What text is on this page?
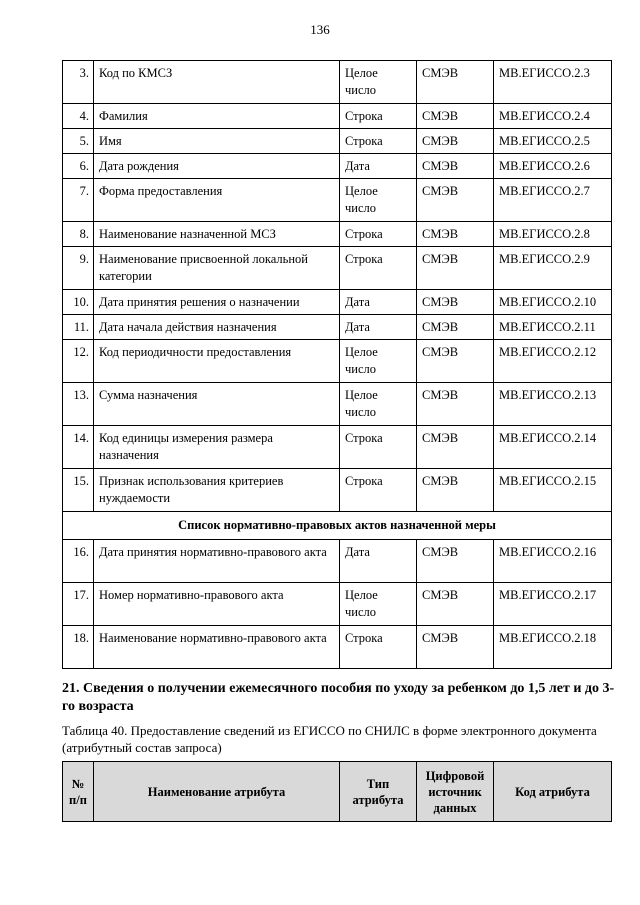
136
3.	Код по КМСЗ	Целое число	СМЭВ	МВ.ЕГИССО.2.3
4.	Фамилия	Строка	СМЭВ	МВ.ЕГИССО.2.4
5.	Имя	Строка	СМЭВ	МВ.ЕГИССО.2.5
6.	Дата рождения	Дата	СМЭВ	МВ.ЕГИССО.2.6
7.	Форма предоставления	Целое число	СМЭВ	МВ.ЕГИССО.2.7
8.	Наименование назначенной МСЗ	Строка	СМЭВ	МВ.ЕГИССО.2.8
9.	Наименование присвоенной локальной категории	Строка	СМЭВ	МВ.ЕГИССО.2.9
10.	Дата принятия решения о назначении	Дата	СМЭВ	МВ.ЕГИССО.2.10
11.	Дата начала действия назначения	Дата	СМЭВ	МВ.ЕГИССО.2.11
12.	Код периодичности предоставления	Целое число	СМЭВ	МВ.ЕГИССО.2.12
13.	Сумма назначения	Целое число	СМЭВ	МВ.ЕГИССО.2.13
14.	Код единицы измерения размера назначения	Строка	СМЭВ	МВ.ЕГИССО.2.14
15.	Признак использования критериев нуждаемости	Строка	СМЭВ	МВ.ЕГИССО.2.15
Список нормативно-правовых актов назначенной меры				
16.	Дата принятия нормативно-правового акта	Дата	СМЭВ	МВ.ЕГИССО.2.16
17.	Номер нормативно-правового акта	Целое число	СМЭВ	МВ.ЕГИССО.2.17
18.	Наименование нормативно-правового акта	Строка	СМЭВ	МВ.ЕГИССО.2.18
21. Сведения о получении ежемесячного пособия по уходу за ребенком до 1,5 лет и до 3-го возраста
Таблица 40. Предоставление сведений из ЕГИССО по СНИЛС в форме электронного документа (атрибутный состав запроса)
№ п/п	Наименование атрибута	Тип атрибута	Цифровой источник данных	Код атрибута
